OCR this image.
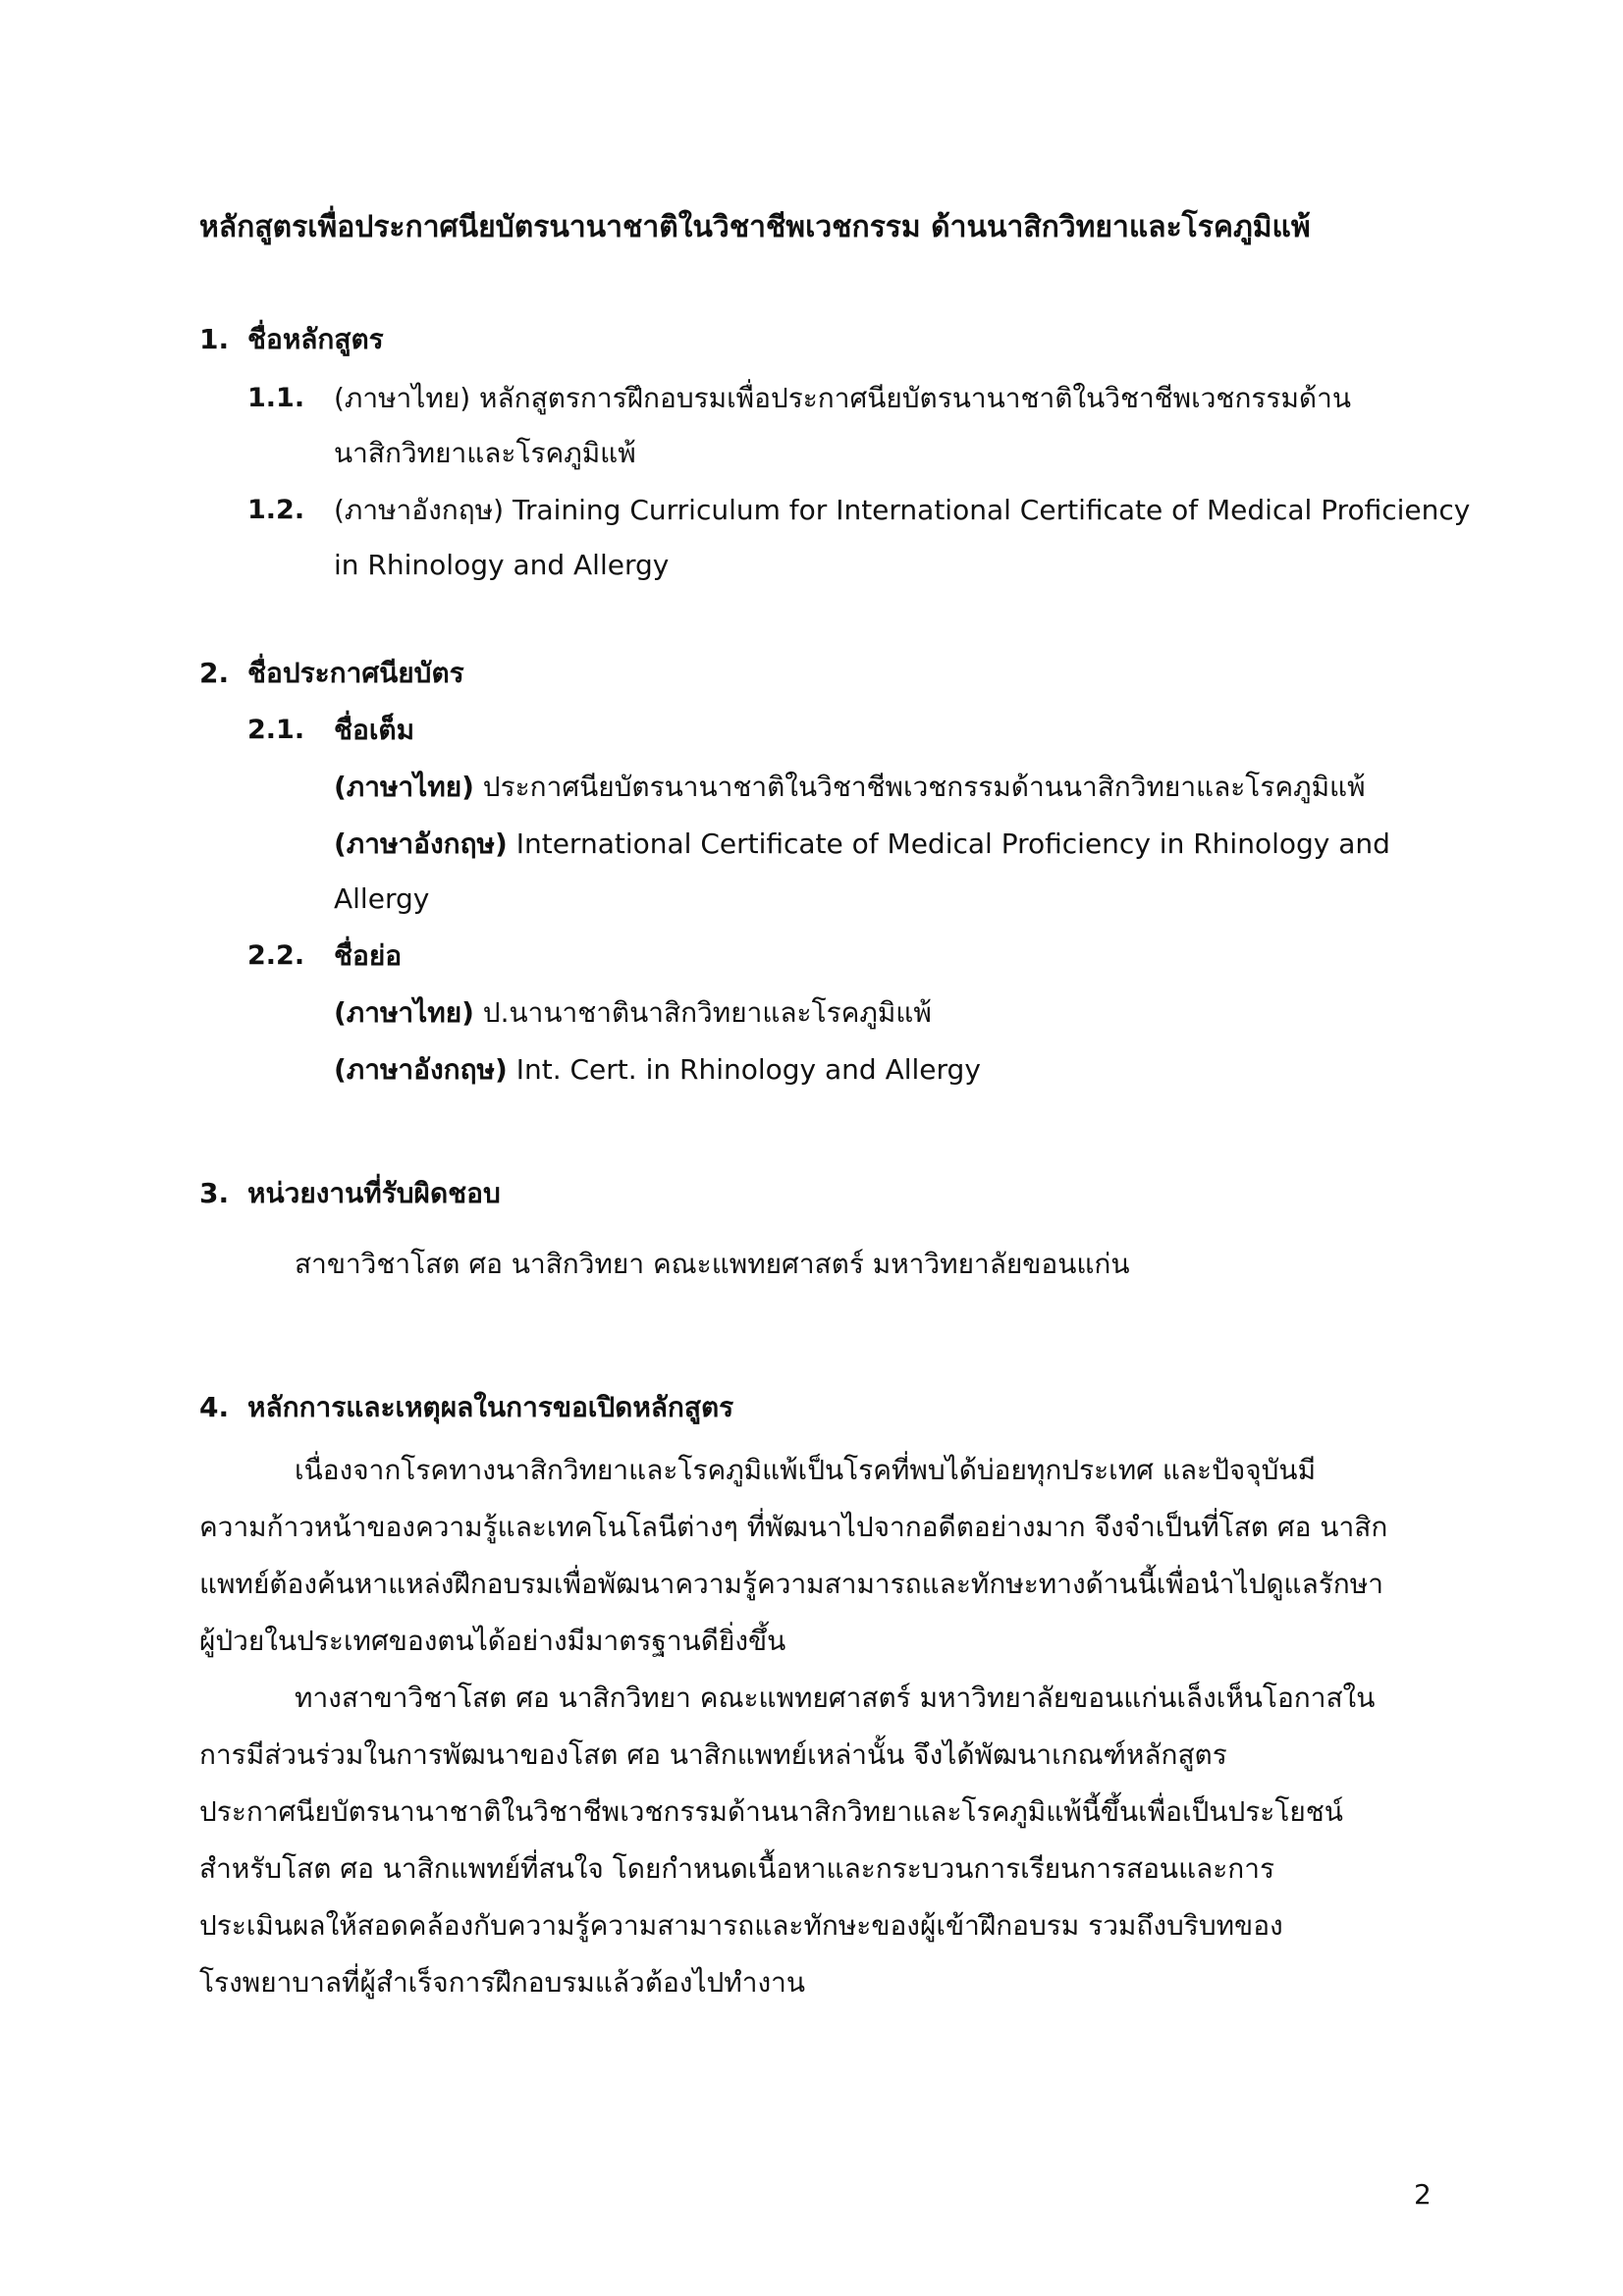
หลักสูตรเพื่อประกาศนียบัตรนานาชาติในวิชาชีพเวชกรรม ด้านนาสิกวิทยาและโรคภูมิแพ้
1. ชื่อหลักสูตร
1.1. (ภาษาไทย) หลักสูตรการฝึกอบรมเพื่อประกาศนียบัตรนานาชาติในวิชาชีพเวชกรรมด้าน
นาสิกวิทยาและโรคภูมิแพ้
1.2. (ภาษาอังกฤษ) Training Curriculum for International Certificate of Medical Proficiency
in Rhinology and Allergy
2. ชื่อประกาศนียบัตร
2.1. ชื่อเต็ม
(ภาษาไทย) ประกาศนียบัตรนานาชาติในวิชาชีพเวชกรรมด้านนาสิกวิทยาและโรคภูมิแพ้
(ภาษาอังกฤษ) International Certificate of Medical Proficiency in Rhinology and
Allergy
2.2. ชื่อย่อ
(ภาษาไทย) ป.นานาชาตินาสิกวิทยาและโรคภูมิแพ้
(ภาษาอังกฤษ) Int. Cert. in Rhinology and Allergy
3. หน่วยงานที่รับผิดชอบ
สาขาวิชาโสต ศอ นาสิกวิทยา คณะแพทยศาสตร์ มหาวิทยาลัยขอนแก่น
4. หลักการและเหตุผลในการขอเปิดหลักสูตร
เนื่องจากโรคทางนาสิกวิทยาและโรคภูมิแพ้เป็นโรคที่พบได้บ่อยทุกประเทศ และปัจจุบันมี
ความก้าวหน้าของความรู้และเทคโนโลนีต่างๆ ที่พัฒนาไปจากอดีตอย่างมาก จึงจำเป็นที่โสต ศอ นาสิก
แพทย์ต้องค้นหาแหล่งฝึกอบรมเพื่อพัฒนาความรู้ความสามารถและทักษะทางด้านนี้เพื่อนำไปดูแลรักษา
ผู้ป่วยในประเทศของตนได้อย่างมีมาตรฐานดียิ่งขึ้น
ทางสาขาวิชาโสต ศอ นาสิกวิทยา คณะแพทยศาสตร์ มหาวิทยาลัยขอนแก่นเล็งเห็นโอกาสใน
การมีส่วนร่วมในการพัฒนาของโสต ศอ นาสิกแพทย์เหล่านั้น จึงได้พัฒนาเกณฑ์หลักสูตร
ประกาศนียบัตรนานาชาติในวิชาชีพเวชกรรมด้านนาสิกวิทยาและโรคภูมิแพ้นี้ขึ้นเพื่อเป็นประโยชน์
สำหรับโสต ศอ นาสิกแพทย์ที่สนใจ โดยกำหนดเนื้อหาและกระบวนการเรียนการสอนและการ
ประเมินผลให้สอดคล้องกับความรู้ความสามารถและทักษะของผู้เข้าฝึกอบรม รวมถึงบริบทของ
โรงพยาบาลที่ผู้สำเร็จการฝึกอบรมแล้วต้องไปทำงาน
2
